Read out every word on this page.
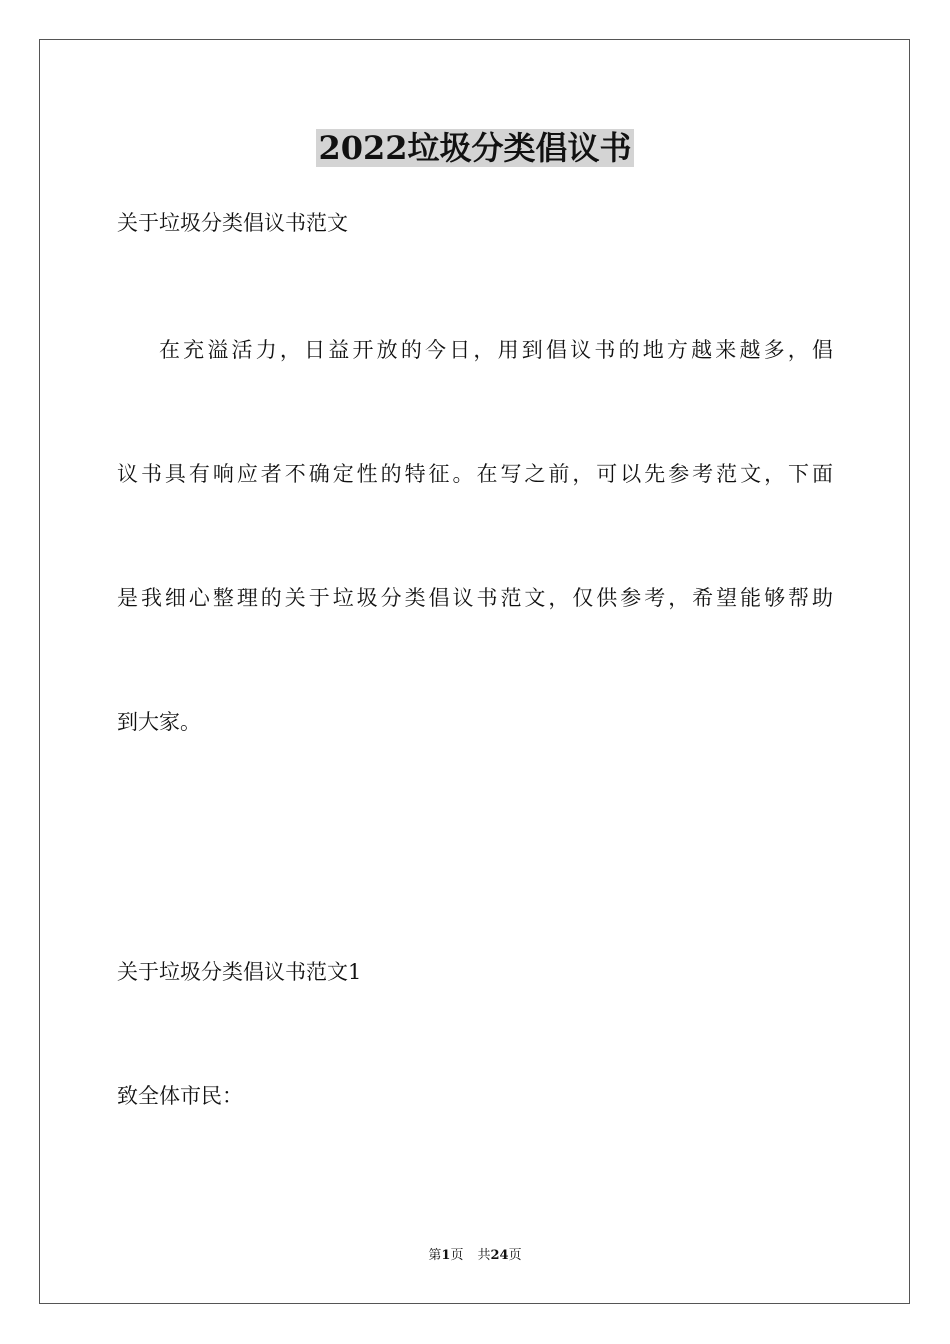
2022垃圾分类倡议书

关于垃圾分类倡议书范文

在充溢活力，日益开放的今日，用到倡议书的地方越来越多，倡

议书具有响应者不确定性的特征。在写之前，可以先参考范文，下面

是我细心整理的关于垃圾分类倡议书范文，仅供参考，希望能够帮助

到大家。

关于垃圾分类倡议书范文1

致全体市民：

第1页 共24页
